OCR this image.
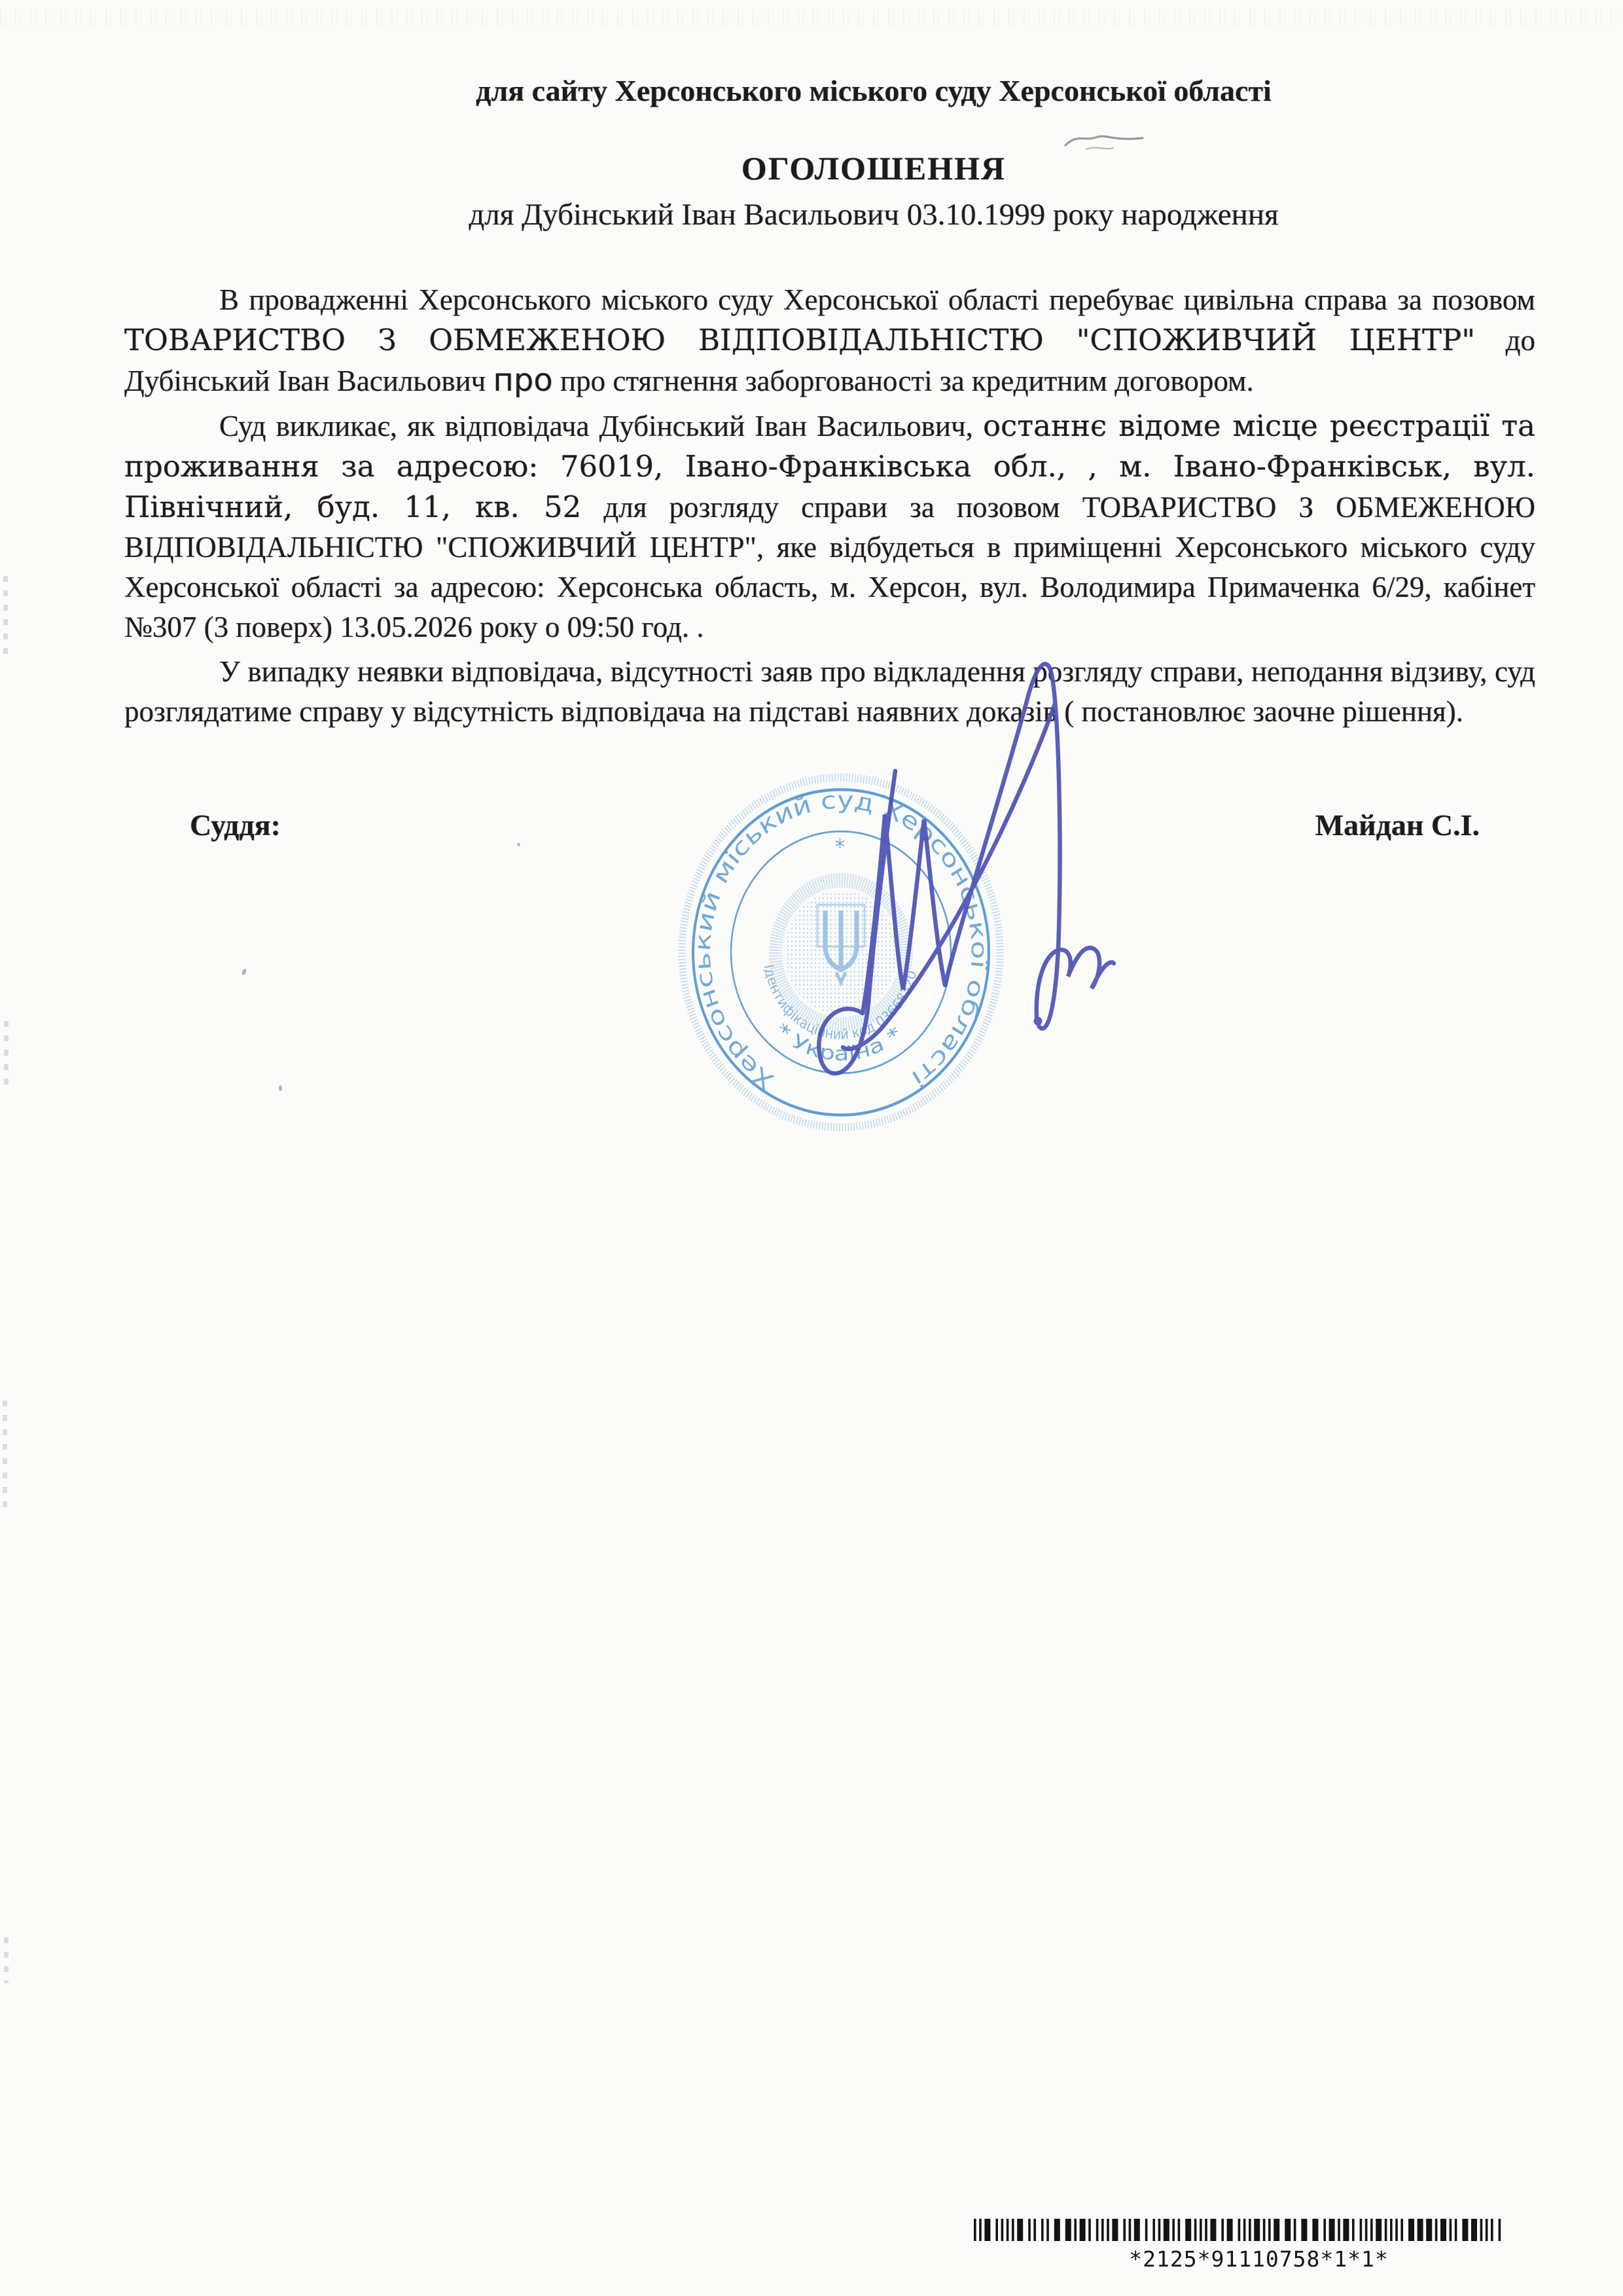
для сайту Херсонського міського суду Херсонської області
ОГОЛОШЕННЯ
для Дубінський Іван Васильович 03.10.1999 року народження

В провадженні Херсонського міського суду Херсонської області перебуває цивільна справа за позовом ТОВАРИСТВО З ОБМЕЖЕНОЮ ВІДПОВІДАЛЬНІСТЮ "СПОЖИВЧИЙ ЦЕНТР" до Дубінський Іван Васильович про про стягнення заборгованості за кредитним договором.

Суд викликає, як відповідача Дубінський Іван Васильович, останнє відоме місце реєстрації та проживання за адресою: 76019, Івано-Франківська обл., , м. Івано-Франківськ, вул. Північний, буд. 11, кв. 52 для розгляду справи за позовом ТОВАРИСТВО З ОБМЕЖЕНОЮ ВІДПОВІДАЛЬНІСТЮ "СПОЖИВЧИЙ ЦЕНТР", яке відбудеться в приміщенні Херсонського міського суду Херсонської області за адресою: Херсонська область, м. Херсон, вул. Володимира Примаченка 6/29, кабінет №307 (3 поверх) 13.05.2026 року о 09:50 год. .

У випадку неявки відповідача, відсутності заяв про відкладення розгляду справи, неподання відзиву, суд розглядатиме справу у відсутність відповідача на підставі наявних доказів ( постановлює заочне рішення).

Суддя:	Майдан С.І.
Херсонський міський суд Херсонської області
*
Ідентифікаційний код 03668320
* Україна *
*2125*91110758*1*1*
